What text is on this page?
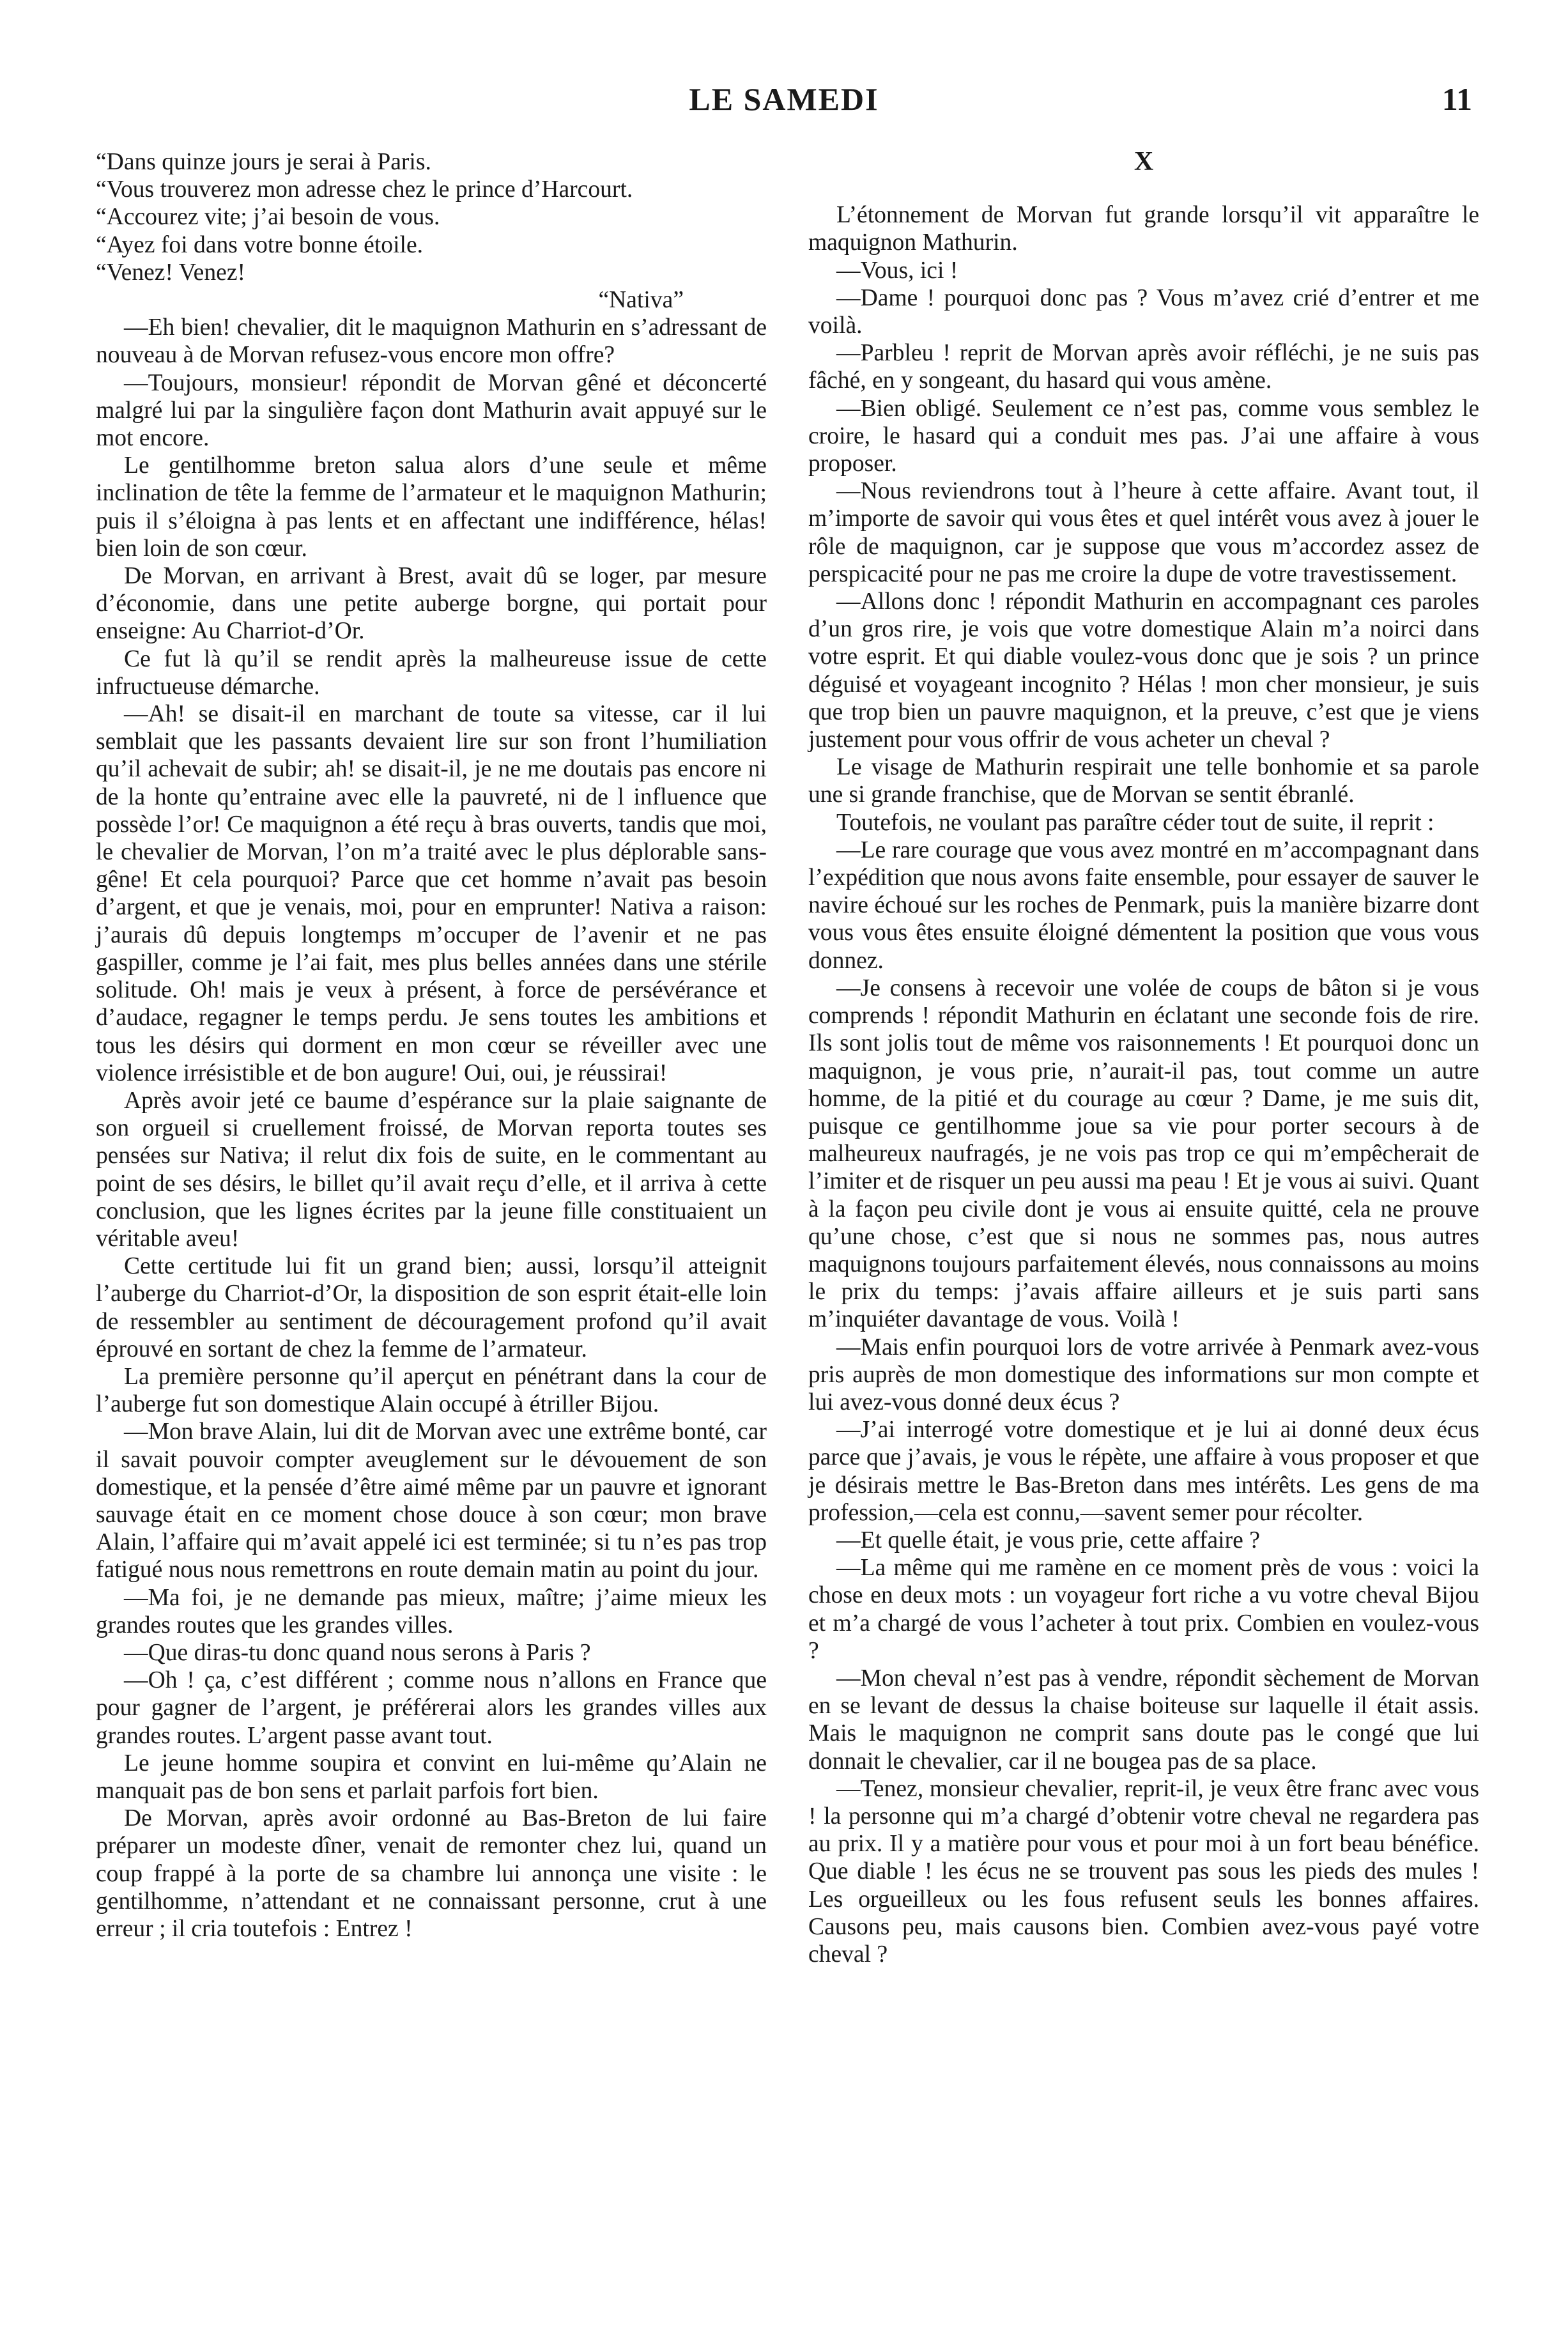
LE SAMEDI	11

“Dans quinze jours je serai à Paris.

“Vous trouverez mon adresse chez le prince d’Harcourt.

“Accourez vite; j’ai besoin de vous.

“Ayez foi dans votre bonne étoile.

“Venez! Venez!

“Nativa”

—Eh bien! chevalier, dit le maquignon Mathurin en s’adressant de nouveau à de Morvan refusez-vous encore mon offre?

—Toujours, monsieur! répondit de Morvan gêné et déconcerté malgré lui par la singulière façon dont Mathurin avait appuyé sur le mot encore.

Le gentilhomme breton salua alors d’une seule et même inclination de tête la femme de l’armateur et le maquignon Mathurin; puis il s’éloigna à pas lents et en affectant une indifférence, hélas! bien loin de son cœur.

De Morvan, en arrivant à Brest, avait dû se loger, par mesure d’économie, dans une petite auberge borgne, qui portait pour enseigne: Au Charriot-d’Or.

Ce fut là qu’il se rendit après la malheureuse issue de cette infructueuse démarche.

—Ah! se disait-il en marchant de toute sa vitesse, car il lui semblait que les passants devaient lire sur son front l’humiliation qu’il achevait de subir; ah! se disait-il, je ne me doutais pas encore ni de la honte qu’entraine avec elle la pauvreté, ni de l influence que possède l’or! Ce maquignon a été reçu à bras ouverts, tandis que moi, le chevalier de Morvan, l’on m’a traité avec le plus déplorable sans-gêne! Et cela pourquoi? Parce que cet homme n’avait pas besoin d’argent, et que je venais, moi, pour en emprunter! Nativa a raison: j’aurais dû depuis longtemps m’occuper de l’avenir et ne pas gaspiller, comme je l’ai fait, mes plus belles années dans une stérile solitude. Oh! mais je veux à présent, à force de persévérance et d’audace, regagner le temps perdu. Je sens toutes les ambitions et tous les désirs qui dorment en mon cœur se réveiller avec une violence irrésistible et de bon augure! Oui, oui, je réussirai!

Après avoir jeté ce baume d’espérance sur la plaie saignante de son orgueil si cruellement froissé, de Morvan reporta toutes ses pensées sur Nativa; il relut dix fois de suite, en le commentant au point de ses désirs, le billet qu’il avait reçu d’elle, et il arriva à cette conclusion, que les lignes écrites par la jeune fille constituaient un véritable aveu!

Cette certitude lui fit un grand bien; aussi, lorsqu’il atteignit l’auberge du Charriot-d’Or, la disposition de son esprit était-elle loin de ressembler au sentiment de découragement profond qu’il avait éprouvé en sortant de chez la femme de l’armateur.

La première personne qu’il aperçut en pénétrant dans la cour de l’auberge fut son domestique Alain occupé à étriller Bijou.

—Mon brave Alain, lui dit de Morvan avec une extrême bonté, car il savait pouvoir compter aveuglement sur le dévouement de son domestique, et la pensée d’être aimé même par un pauvre et ignorant sauvage était en ce moment chose douce à son cœur; mon brave Alain, l’affaire qui m’avait appelé ici est terminée; si tu n’es pas trop fatigué nous nous remettrons en route demain matin au point du jour.

—Ma foi, je ne demande pas mieux, maître; j’aime mieux les grandes routes que les grandes villes.

—Que diras-tu donc quand nous serons à Paris ?

—Oh ! ça, c’est différent ; comme nous n’allons en France que pour gagner de l’argent, je préférerai alors les grandes villes aux grandes routes. L’argent passe avant tout.

Le jeune homme soupira et convint en lui-même qu’Alain ne manquait pas de bon sens et parlait parfois fort bien.

De Morvan, après avoir ordonné au Bas-Breton de lui faire préparer un modeste dîner, venait de remonter chez lui, quand un coup frappé à la porte de sa chambre lui annonça une visite : le gentilhomme, n’attendant et ne connaissant personne, crut à une erreur ; il cria toutefois : Entrez !

X

L’étonnement de Morvan fut grande lorsqu’il vit apparaître le maquignon Mathurin.

—Vous, ici !

—Dame ! pourquoi donc pas ? Vous m’avez crié d’entrer et me voilà.

—Parbleu ! reprit de Morvan après avoir réfléchi, je ne suis pas fâché, en y songeant, du hasard qui vous amène.

—Bien obligé. Seulement ce n’est pas, comme vous semblez le croire, le hasard qui a conduit mes pas. J’ai une affaire à vous proposer.

—Nous reviendrons tout à l’heure à cette affaire. Avant tout, il m’importe de savoir qui vous êtes et quel intérêt vous avez à jouer le rôle de maquignon, car je suppose que vous m’accordez assez de perspicacité pour ne pas me croire la dupe de votre travestissement.

—Allons donc ! répondit Mathurin en accompagnant ces paroles d’un gros rire, je vois que votre domestique Alain m’a noirci dans votre esprit. Et qui diable voulez-vous donc que je sois ? un prince déguisé et voyageant incognito ? Hélas ! mon cher monsieur, je suis que trop bien un pauvre maquignon, et la preuve, c’est que je viens justement pour vous offrir de vous acheter un cheval ?

Le visage de Mathurin respirait une telle bonhomie et sa parole une si grande franchise, que de Morvan se sentit ébranlé.

Toutefois, ne voulant pas paraître céder tout de suite, il reprit :

—Le rare courage que vous avez montré en m’accompagnant dans l’expédition que nous avons faite ensemble, pour essayer de sauver le navire échoué sur les roches de Penmark, puis la manière bizarre dont vous vous êtes ensuite éloigné démentent la position que vous vous donnez.

—Je consens à recevoir une volée de coups de bâton si je vous comprends ! répondit Mathurin en éclatant une seconde fois de rire. Ils sont jolis tout de même vos raisonnements ! Et pourquoi donc un maquignon, je vous prie, n’aurait-il pas, tout comme un autre homme, de la pitié et du courage au cœur ? Dame, je me suis dit, puisque ce gentilhomme joue sa vie pour porter secours à de malheureux naufragés, je ne vois pas trop ce qui m’empêcherait de l’imiter et de risquer un peu aussi ma peau ! Et je vous ai suivi. Quant à la façon peu civile dont je vous ai ensuite quitté, cela ne prouve qu’une chose, c’est que si nous ne sommes pas, nous autres maquignons toujours parfaitement élevés, nous connaissons au moins le prix du temps: j’avais affaire ailleurs et je suis parti sans m’inquiéter davantage de vous. Voilà !

—Mais enfin pourquoi lors de votre arrivée à Penmark avez-vous pris auprès de mon domestique des informations sur mon compte et lui avez-vous donné deux écus ?

—J’ai interrogé votre domestique et je lui ai donné deux écus parce que j’avais, je vous le répète, une affaire à vous proposer et que je désirais mettre le Bas-Breton dans mes intérêts. Les gens de ma profession,—cela est connu,—savent semer pour récolter.

—Et quelle était, je vous prie, cette affaire ?

—La même qui me ramène en ce moment près de vous : voici la chose en deux mots : un voyageur fort riche a vu votre cheval Bijou et m’a chargé de vous l’acheter à tout prix. Combien en voulez-vous ?

—Mon cheval n’est pas à vendre, répondit sèchement de Morvan en se levant de dessus la chaise boiteuse sur laquelle il était assis. Mais le maquignon ne comprit sans doute pas le congé que lui donnait le chevalier, car il ne bougea pas de sa place.

—Tenez, monsieur chevalier, reprit-il, je veux être franc avec vous ! la personne qui m’a chargé d’obtenir votre cheval ne regardera pas au prix. Il y a matière pour vous et pour moi à un fort beau bénéfice. Que diable ! les écus ne se trouvent pas sous les pieds des mules ! Les orgueilleux ou les fous refusent seuls les bonnes affaires. Causons peu, mais causons bien. Combien avez-vous payé votre cheval ?
